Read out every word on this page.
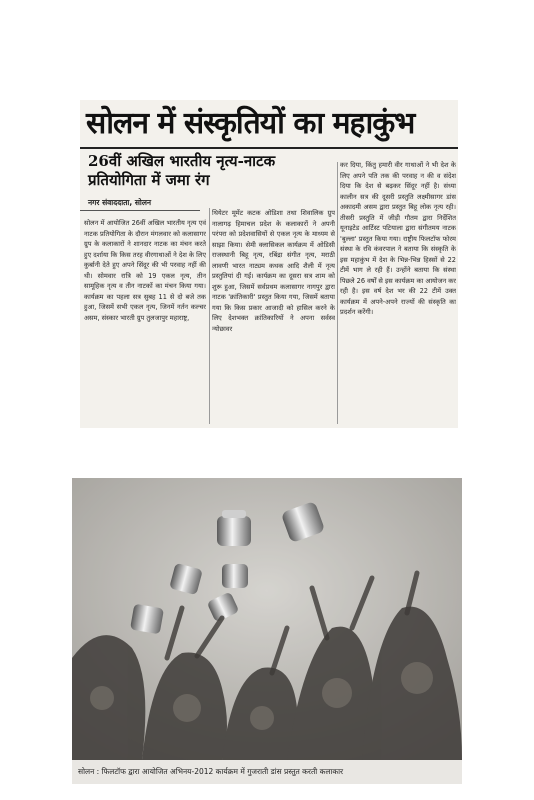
सोलन में संस्कृतियों का महाकुंभ
26वीं अखिल भारतीय नृत्य-नाटक प्रतियोगिता में जमा रंग
नगर संवाददाता, सोलन
सोलन में आयोजित 26वीं अखिल भारतीय नृत्य एवं नाटक प्रतियोगिता के दौरान मंगलवार को कलासागर ग्रुप के कलाकारों ने शानदार नाटक का मंचन करते हुए दर्शाया कि किस तरह वीरगाथाओं ने देश के लिए कुर्बानी देते हुए अपने सिंदूर की भी परवाह नहीं की थी। सोमवार रात्रि को 19 एकल नृत्य, तीन सामूहिक नृत्य व तीन नाटकों का मंचन किया गया। कार्यक्रम का पहला सत्र सुबह 11 से दो बजे तक हुआ, जिसमें सभी एकल नृत्य, जिनमें नर्तन कल्चर असम, संस्कार भारती ग्रुप तुलजापुर महाराष्ट्र,
थियेटर मूमेंट कटक ओडिशा तथा शिवालिक ग्रुप नालागढ़ हिमाचल प्रदेश के कलाकारों ने अपनी परंपरा को प्रदेशवासियों से एकल नृत्य के माध्यम से साझा किया। सेमी क्लासिकल कार्यक्रम में ओडिसी राजस्थानी बिहू नृत्य, रबिंद्रा संगीत नृत्य, मराठी लावणी भारत नाट्यम कथक आदि शैली में नृत्य प्रस्तुतियां दी गईं। कार्यक्रम का दूसरा सत्र शाम को शुरू हुआ, जिसमें सर्वप्रथम कलासागर नागपुर द्वारा नाटक 'क्रांतिकारी' प्रस्तुत किया गया, जिसमें बताया गया कि किस प्रकार आजादी को हासिल करने के लिए देशभक्त क्रांतिकारियों ने अपना सर्वस्व न्योछावर
कर दिया, किंतु हमारी वीर गाथाओं ने भी देश के लिए अपने पति तक की परवाह न की व संदेश दिया कि देश से बढ़कर सिंदूर नहीं है। संध्या कालीन सत्र की दूसरी प्रस्तुति लक्ष्मीसागर डांस अकादमी असम द्वारा प्रस्तुत बिहू लोक नृत्य रही। तीसरी प्रस्तुति में जीड़ी गौतम द्वारा निर्देशित यूनाइटेड आर्टिस्ट पटियाला द्वारा संगीतमय नाटक 'बुल्ला' प्रस्तुत किया गया। राष्ट्रीय फिलटॉफ फोरम संस्था के रवि कंवरपाल ने बताया कि संस्कृति के इस महाकुंभ में देश के भिन्न-भिन्न हिस्सों से 22 टीमें भाग ले रही हैं। उन्होंने बताया कि संस्था पिछले 26 वर्षों से इस कार्यक्रम का आयोजन कर रही है। इस वर्ष देश भर की 22 टीमें उक्त कार्यक्रम में अपने-अपने राज्यों की संस्कृति का प्रदर्शन करेंगी।
सोलन : फिलटॉफ द्वारा आयोजित अभिनय-2012 कार्यक्रम में गुजराती डांस प्रस्तुत करती कलाकार
